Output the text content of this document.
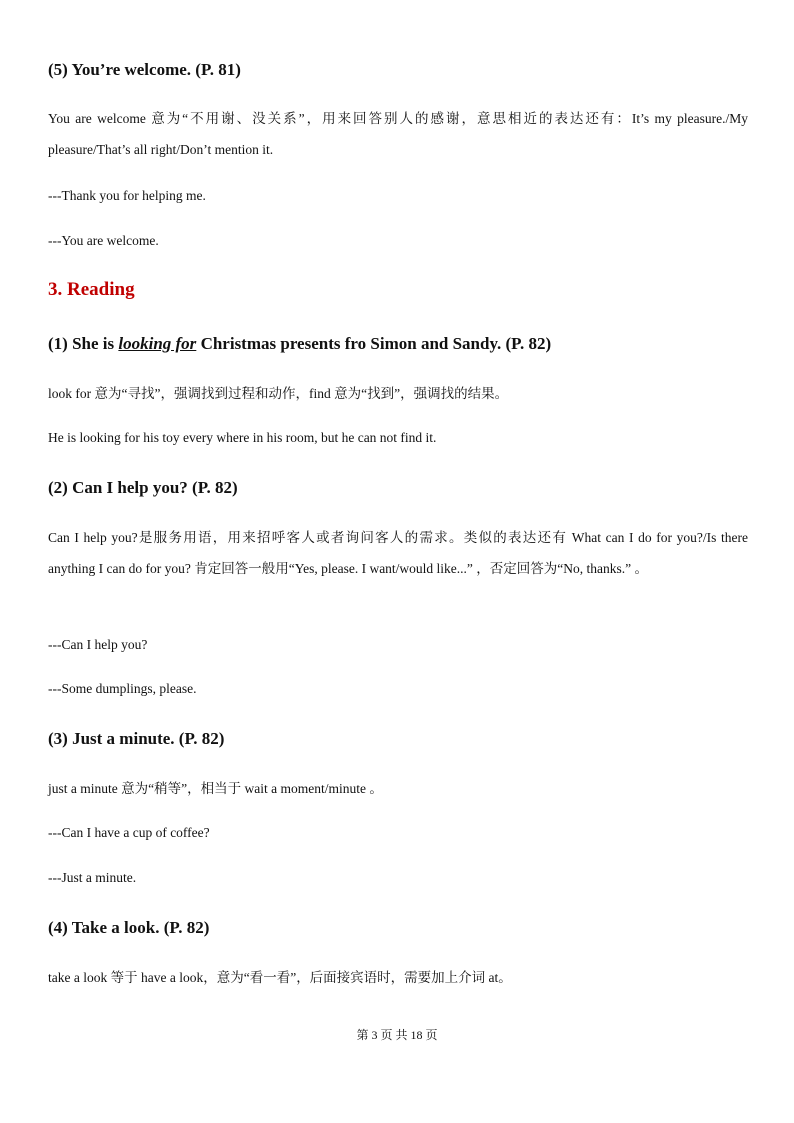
(5) You’re welcome. (P. 81)
You are welcome 意为“不用谢、没关系”，用来回答别人的感谢，意思相近的表达还有：It’s my pleasure./My pleasure/That’s all right/Don’t mention it.
---Thank you for helping me.
---You are welcome.
3. Reading
(1) She is looking for Christmas presents fro Simon and Sandy. (P. 82)
look for 意为“寻找”，强调找到过程和动作，find 意为“找到”，强调找的结果。
He is looking for his toy every where in his room, but he can not find it.
(2) Can I help you? (P. 82)
Can I help you?是服务用语，用来招呼客人或者询问客人的需求。类似的表达还有 What can I do for you?/Is there anything I can do for you? 肯定回答一般用“Yes, please. I want/would like...” ，否定回答为“No, thanks.” 。
---Can I help you?
---Some dumplings, please.
(3) Just a minute. (P. 82)
just a minute 意为“稍等”，相当于 wait a moment/minute 。
---Can I have a cup of coffee?
---Just a minute.
(4) Take a look. (P. 82)
take a look 等于 have a look，意为“看一看”，后面接宾语时，需要加上介词 at。
第 3 页 共 18 页
